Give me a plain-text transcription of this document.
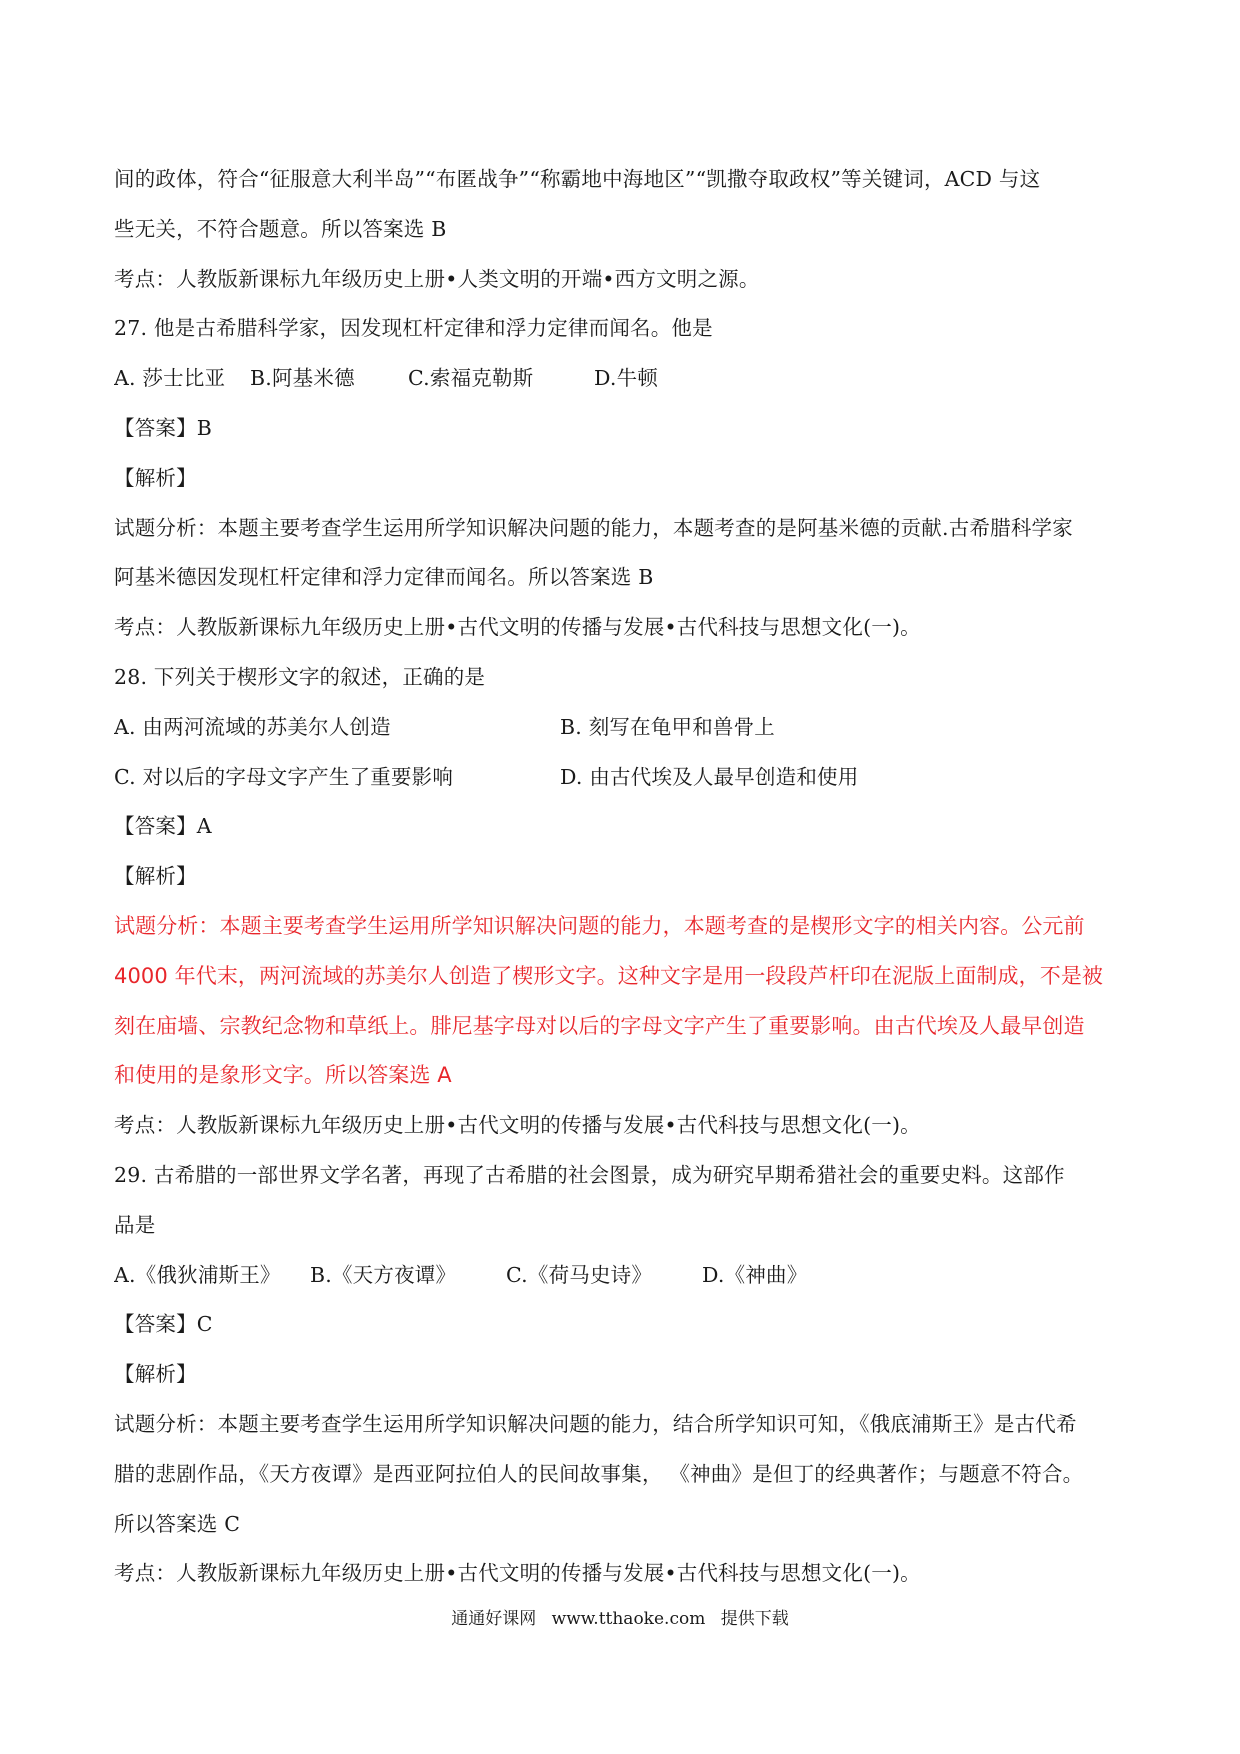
间的政体，符合“征服意大利半岛”“布匿战争”“称霸地中海地区”“凯撒夺取政权”等关键词，ACD 与这
些无关，不符合题意。所以答案选 B
考点：人教版新课标九年级历史上册•人类文明的开端•西方文明之源。
27. 他是古希腊科学家，因发现杠杆定律和浮力定律而闻名。他是
A. 莎士比亚	B.阿基米德	C.索福克勒斯	D.牛顿
【答案】B
【解析】
试题分析：本题主要考查学生运用所学知识解决问题的能力，本题考查的是阿基米德的贡献.古希腊科学家
阿基米德因发现杠杆定律和浮力定律而闻名。所以答案选 B
考点：人教版新课标九年级历史上册•古代文明的传播与发展•古代科技与思想文化(一)。
28. 下列关于楔形文字的叙述，正确的是
A. 由两河流域的苏美尔人创造	B. 刻写在龟甲和兽骨上
C. 对以后的字母文字产生了重要影响	D. 由古代埃及人最早创造和使用
【答案】A
【解析】
试题分析：本题主要考查学生运用所学知识解决问题的能力，本题考查的是楔形文字的相关内容。公元前
4000 年代末，两河流域的苏美尔人创造了楔形文字。这种文字是用一段段芦杆印在泥版上面制成，不是被
刻在庙墙、宗教纪念物和草纸上。腓尼基字母对以后的字母文字产生了重要影响。由古代埃及人最早创造
和使用的是象形文字。所以答案选 A
考点：人教版新课标九年级历史上册•古代文明的传播与发展•古代科技与思想文化(一)。
29. 古希腊的一部世界文学名著，再现了古希腊的社会图景，成为研究早期希猎社会的重要史料。这部作
品是
A.《俄狄浦斯王》	B.《天方夜谭》	C.《荷马史诗》	D.《神曲》
【答案】C
【解析】
试题分析：本题主要考查学生运用所学知识解决问题的能力，结合所学知识可知，《俄底浦斯王》是古代希
腊的悲剧作品，《天方夜谭》是西亚阿拉伯人的民间故事集， 《神曲》是但丁的经典著作；与题意不符合。
所以答案选 C
考点：人教版新课标九年级历史上册•古代文明的传播与发展•古代科技与思想文化(一)。
通通好课网 www.tthaoke.com 提供下载
